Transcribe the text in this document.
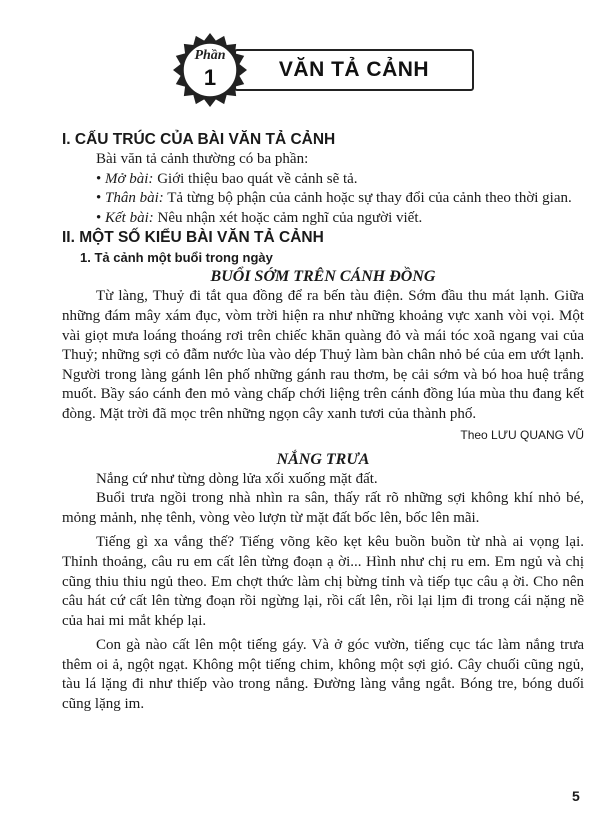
Phần
1	VĂN TẢ CẢNH
I. CẤU TRÚC CỦA BÀI VĂN TẢ CẢNH

Bài văn tả cảnh thường có ba phần:

• Mở bài: Giới thiệu bao quát về cảnh sẽ tả.

• Thân bài: Tả từng bộ phận của cảnh hoặc sự thay đổi của cảnh theo thời gian.

• Kết bài: Nêu nhận xét hoặc cảm nghĩ của người viết.

II. MỘT SỐ KIỂU BÀI VĂN TẢ CẢNH
1. Tả cảnh một buổi trong ngày
BUỔI SỚM TRÊN CÁNH ĐỒNG

Từ làng, Thuỷ đi tắt qua đồng để ra bến tàu điện. Sớm đầu thu mát lạnh. Giữa những đám mây xám đục, vòm trời hiện ra như những khoảng vực xanh vòi vọi. Một vài giọt mưa loáng thoáng rơi trên chiếc khăn quàng đỏ và mái tóc xoã ngang vai của Thuỷ; những sợi cỏ đẫm nước lùa vào dép Thuỷ làm bàn chân nhỏ bé của em ướt lạnh. Người trong làng gánh lên phố những gánh rau thơm, bẹ cải sớm và bó hoa huệ trắng muốt. Bầy sáo cánh đen mỏ vàng chấp chới liệng trên cánh đồng lúa mùa thu đang kết đòng. Mặt trời đã mọc trên những ngọn cây xanh tươi của thành phố.

Theo LƯU QUANG VŨ
NẮNG TRƯA

Nắng cứ như từng dòng lửa xối xuống mặt đất.

Buổi trưa ngồi trong nhà nhìn ra sân, thấy rất rõ những sợi không khí nhỏ bé, mỏng mảnh, nhẹ tênh, vòng vèo lượn từ mặt đất bốc lên, bốc lên mãi.

Tiếng gì xa vắng thế? Tiếng võng kẽo kẹt kêu buồn buồn từ nhà ai vọng lại. Thỉnh thoảng, câu ru em cất lên từng đoạn ạ ời... Hình như chị ru em. Em ngủ và chị cũng thiu thiu ngủ theo. Em chợt thức làm chị bừng tỉnh và tiếp tục câu ạ ời. Cho nên câu hát cứ cất lên từng đoạn rồi ngừng lại, rồi cất lên, rồi lại lịm đi trong cái nặng nề của hai mi mắt khép lại.

Con gà nào cất lên một tiếng gáy. Và ở góc vườn, tiếng cục tác làm nắng trưa thêm oi ả, ngột ngạt. Không một tiếng chim, không một sợi gió. Cây chuối cũng ngủ, tàu lá lặng đi như thiếp vào trong nắng. Đường làng vắng ngắt. Bóng tre, bóng duối cũng lặng im.

5
